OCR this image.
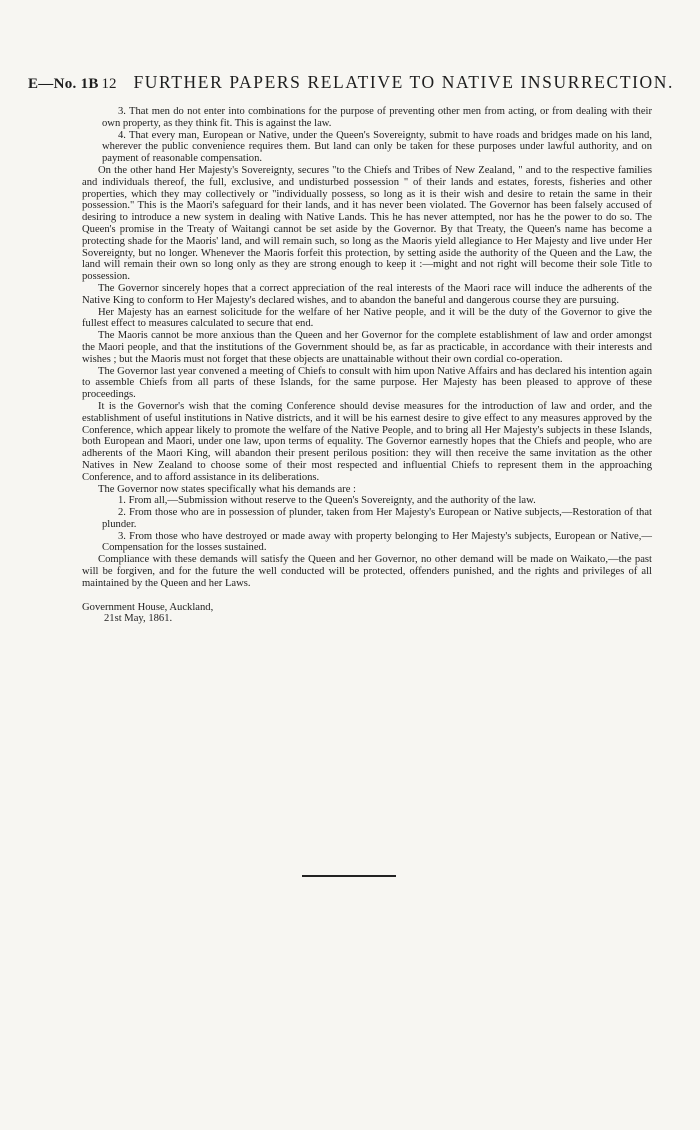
E—No. 1B 12 FURTHER PAPERS RELATIVE TO NATIVE INSURRECTION.

3. That men do not enter into combinations for the purpose of preventing other men from acting, or from dealing with their own property, as they think fit. This is against the law.

4. That every man, European or Native, under the Queen's Sovereignty, submit to have roads and bridges made on his land, wherever the public convenience requires them. But land can only be taken for these purposes under lawful authority, and on payment of reasonable compensation.

On the other hand Her Majesty's Sovereignty, secures "to the Chiefs and Tribes of New Zealand, " and to the respective families and individuals thereof, the full, exclusive, and undisturbed possession " of their lands and estates, forests, fisheries and other properties, which they may collectively or "individually possess, so long as it is their wish and desire to retain the same in their possession." This is the Maori's safeguard for their lands, and it has never been violated. The Governor has been falsely accused of desiring to introduce a new system in dealing with Native Lands. This he has never attempted, nor has he the power to do so. The Queen's promise in the Treaty of Waitangi cannot be set aside by the Governor. By that Treaty, the Queen's name has become a protecting shade for the Maoris' land, and will remain such, so long as the Maoris yield allegiance to Her Majesty and live under Her Sovereignty, but no longer. Whenever the Maoris forfeit this protection, by setting aside the authority of the Queen and the Law, the land will remain their own so long only as they are strong enough to keep it :—might and not right will become their sole Title to possession.

The Governor sincerely hopes that a correct appreciation of the real interests of the Maori race will induce the adherents of the Native King to conform to Her Majesty's declared wishes, and to abandon the baneful and dangerous course they are pursuing.

Her Majesty has an earnest solicitude for the welfare of her Native people, and it will be the duty of the Governor to give the fullest effect to measures calculated to secure that end.

The Maoris cannot be more anxious than the Queen and her Governor for the complete establishment of law and order amongst the Maori people, and that the institutions of the Government should be, as far as practicable, in accordance with their interests and wishes ; but the Maoris must not forget that these objects are unattainable without their own cordial co-operation.

The Governor last year convened a meeting of Chiefs to consult with him upon Native Affairs and has declared his intention again to assemble Chiefs from all parts of these Islands, for the same purpose. Her Majesty has been pleased to approve of these proceedings.

It is the Governor's wish that the coming Conference should devise measures for the introduction of law and order, and the establishment of useful institutions in Native districts, and it will be his earnest desire to give effect to any measures approved by the Conference, which appear likely to promote the welfare of the Native People, and to bring all Her Majesty's subjects in these Islands, both European and Maori, under one law, upon terms of equality. The Governor earnestly hopes that the Chiefs and people, who are adherents of the Maori King, will abandon their present perilous position: they will then receive the same invitation as the other Natives in New Zealand to choose some of their most respected and influential Chiefs to represent them in the approaching Conference, and to afford assistance in its deliberations.

The Governor now states specifically what his demands are :

1. From all,—Submission without reserve to the Queen's Sovereignty, and the authority of the law.

2. From those who are in possession of plunder, taken from Her Majesty's European or Native subjects,—Restoration of that plunder.

3. From those who have destroyed or made away with property belonging to Her Majesty's subjects, European or Native,—Compensation for the losses sustained.

Compliance with these demands will satisfy the Queen and her Governor, no other demand will be made on Waikato,—the past will be forgiven, and for the future the well conducted will be protected, offenders punished, and the rights and privileges of all maintained by the Queen and her Laws.

Government House, Auckland,
21st May, 1861.
